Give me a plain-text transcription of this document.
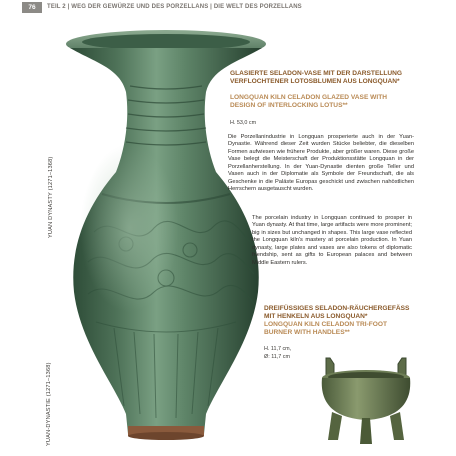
76	TEIL 2 | WEG DER GEWÜRZE UND DES PORZELLANS | DIE WELT DES PORZELLANS
YUAN DYNASTY (1271–1368)
YUAN-DYNASTIE (1271–1368)
GLASIERTE SELADON-VASE MIT DER DARSTELLUNG VERFLOCHTENER LOTOSBLUMEN AUS LONGQUAN*
LONGQUAN KILN CELADON GLAZED VASE WITH DESIGN OF INTERLOCKING LOTUS**
H. 53,0 cm
Die Porzellanindustrie in Longquan prosperierte auch in der Yuan-Dynastie. Während dieser Zeit wurden Stücke beliebter, die dieselben Formen aufwiesen wie frühere Produkte, aber größer waren. Diese große Vase belegt die Meisterschaft der Produktionsstätte Longquan in der Porzellanherstellung. In der Yuan-Dynastie dienten große Teller und Vasen auch in der Diplomatie als Symbole der Freundschaft, die als Geschenke in die Paläste Europas geschickt und zwischen nahöstlichen Herrschern ausgetauscht wurden.
The porcelain industry in Longquan continued to prosper in Yuan dynasty. At that time, large artifacts were more prominent; big in sizes but unchanged in shapes. This large vase reflected the Longquan kiln's mastery at porcelain production. In Yuan dynasty, large plates and vases are also tokens of diplomatic friendship, sent as gifts to European palaces and between Middle Eastern rulers.
DREIFÜSSIGES SELADON-RÄUCHERGEFÄSS MIT HENKELN AUS LONGQUAN*
LONGQUAN KILN CELADON TRI-FOOT BURNER WITH HANDLES**
H. 11,7 cm,
Ø: 11,7 cm
